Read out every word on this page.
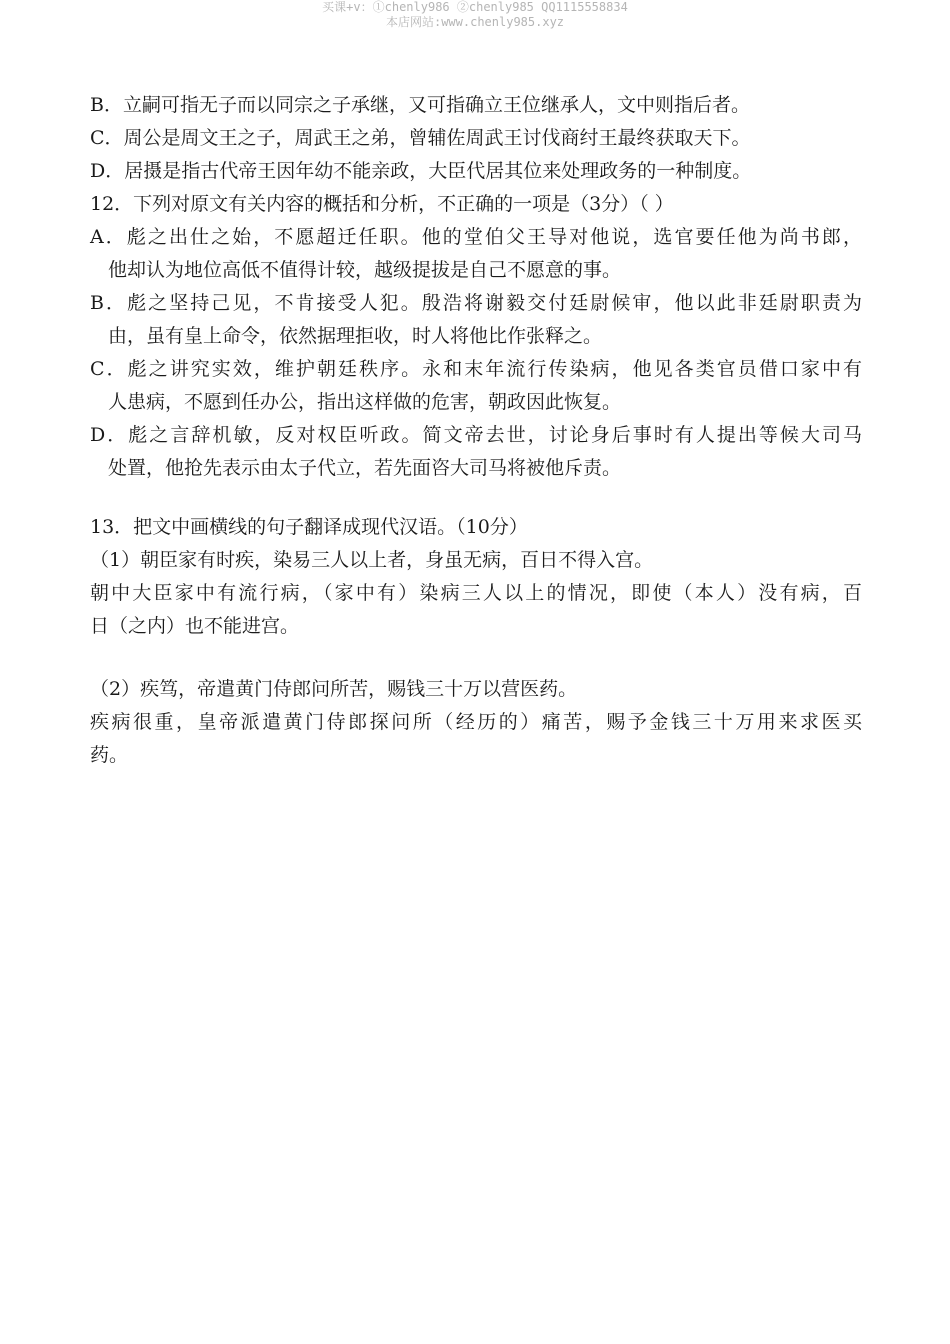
买课+v：①chenly986 ②chenly985 QQ1115558834
本店网站:www.chenly985.xyz
B．立嗣可指无子而以同宗之子承继，又可指确立王位继承人，文中则指后者。
C．周公是周文王之子，周武王之弟，曾辅佐周武王讨伐商纣王最终获取天下。
D．居摄是指古代帝王因年幼不能亲政，大臣代居其位来处理政务的一种制度。
12．下列对原文有关内容的概括和分析，不正确的一项是（3分）（ ）
A．彪之出仕之始，不愿超迁任职。他的堂伯父王导对他说，选官要任他为尚书郎，
他却认为地位高低不值得计较，越级提拔是自己不愿意的事。
B．彪之坚持己见，不肯接受人犯。殷浩将谢毅交付廷尉候审，他以此非廷尉职责为
由，虽有皇上命令，依然据理拒收，时人将他比作张释之。
C．彪之讲究实效，维护朝廷秩序。永和末年流行传染病，他见各类官员借口家中有
人患病，不愿到任办公，指出这样做的危害，朝政因此恢复。
D．彪之言辞机敏，反对权臣听政。简文帝去世，讨论身后事时有人提出等候大司马
处置，他抢先表示由太子代立，若先面咨大司马将被他斥责。
13．把文中画横线的句子翻译成现代汉语。（10分）
（1）朝臣家有时疾，染易三人以上者，身虽无病，百日不得入宫。
朝中大臣家中有流行病，（家中有）染病三人以上的情况，即使（本人）没有病，百
日（之内）也不能进宫。
（2）疾笃，帝遣黄门侍郎问所苦，赐钱三十万以营医药。
疾病很重，皇帝派遣黄门侍郎探问所（经历的）痛苦，赐予金钱三十万用来求医买
药。
